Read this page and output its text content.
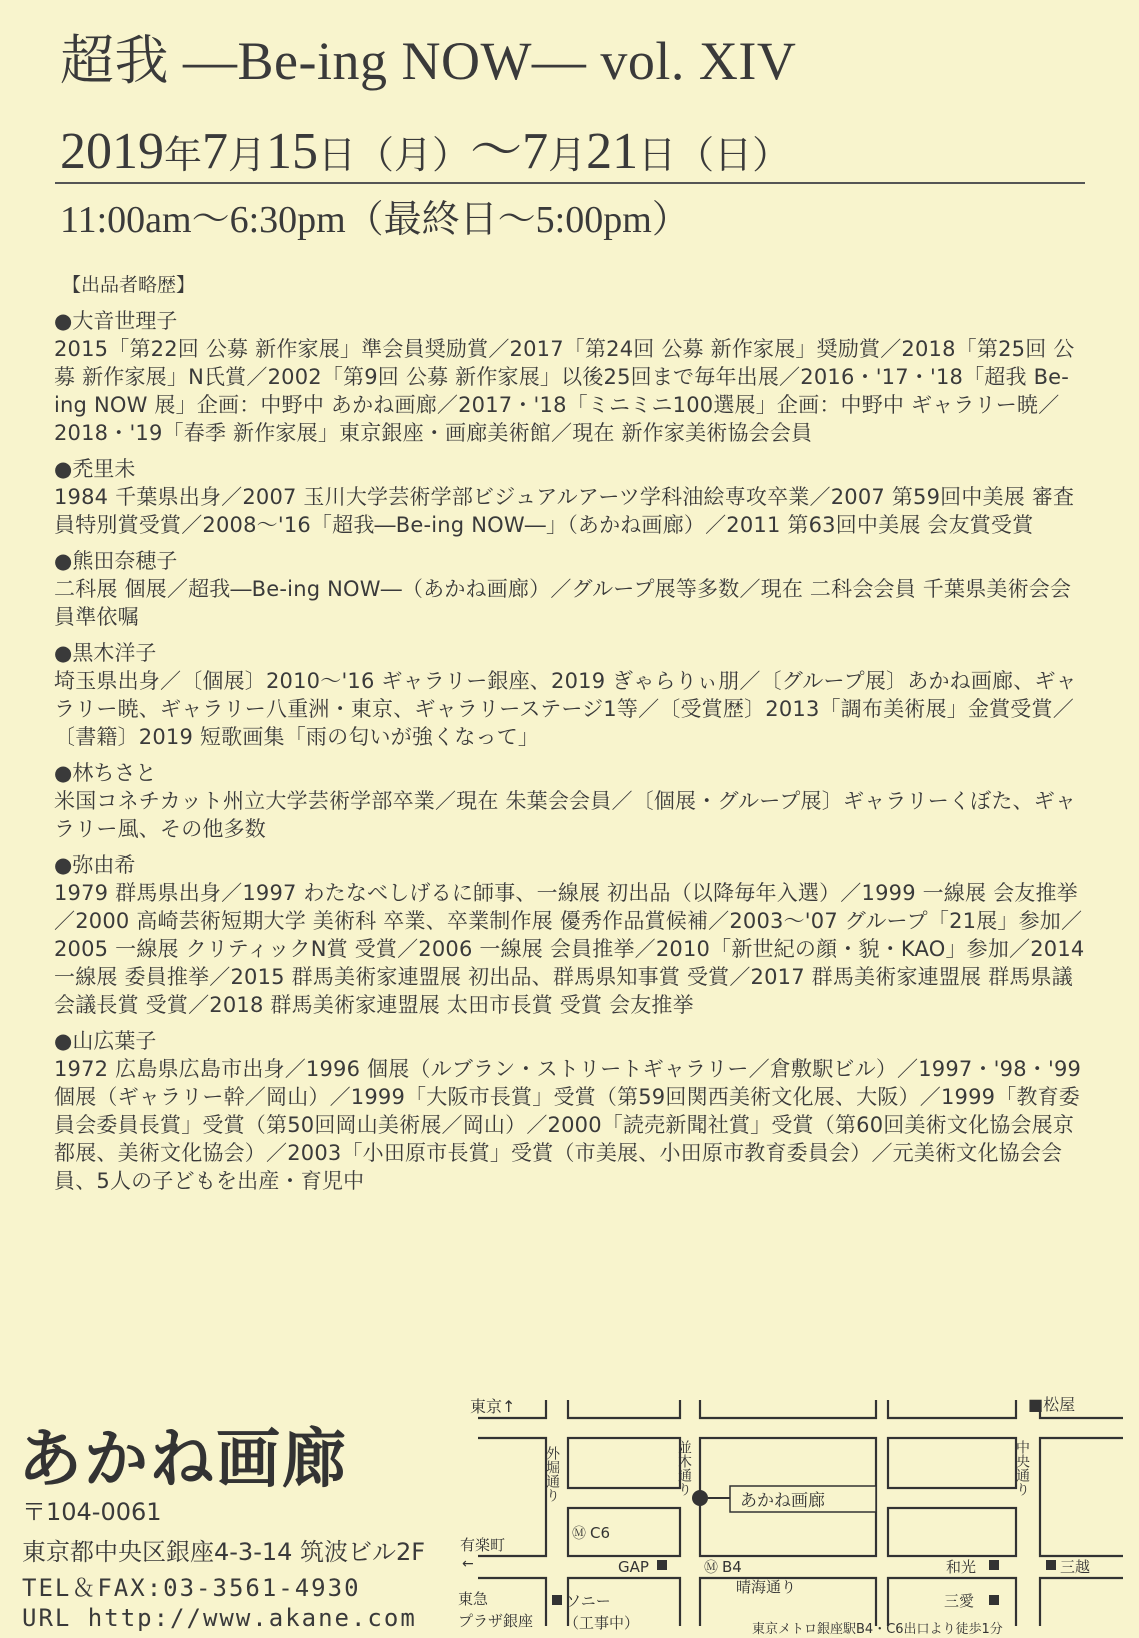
超我 ―Be-ing NOW― vol. XIV
2019年7月15日（月）～7月21日（日）
11:00am～6:30pm（最終日～5:00pm）
【出品者略歴】
●大音世理子
2015「第22回 公募 新作家展」準会員奨励賞／2017「第24回 公募 新作家展」奨励賞／2018「第25回 公募 新作家展」N氏賞／2002「第9回 公募 新作家展」以後25回まで毎年出展／2016・'17・'18「超我 Be-ing NOW 展」企画：中野中 あかね画廊／2017・'18「ミニミニ100選展」企画：中野中 ギャラリー暁／2018・'19「春季 新作家展」東京銀座・画廊美術館／現在 新作家美術協会会員
●禿里未
1984 千葉県出身／2007 玉川大学芸術学部ビジュアルアーツ学科油絵専攻卒業／2007 第59回中美展 審査員特別賞受賞／2008～'16「超我―Be-ing NOW―」（あかね画廊）／2011 第63回中美展 会友賞受賞
●熊田奈穂子
二科展 個展／超我―Be-ing NOW―（あかね画廊）／グループ展等多数／現在 二科会会員 千葉県美術会会員準依嘱
●黒木洋子
埼玉県出身／〔個展〕2010～'16 ギャラリー銀座、2019 ぎゃらりぃ朋／〔グループ展〕あかね画廊、ギャラリー暁、ギャラリー八重洲・東京、ギャラリーステージ1等／〔受賞歴〕2013「調布美術展」金賞受賞／〔書籍〕2019 短歌画集「雨の匂いが強くなって」
●林ちさと
米国コネチカット州立大学芸術学部卒業／現在 朱葉会会員／〔個展・グループ展〕ギャラリーくぼた、ギャラリー風、その他多数
●弥由希
1979 群馬県出身／1997 わたなべしげるに師事、一線展 初出品（以降毎年入選）／1999 一線展 会友推挙／2000 高崎芸術短期大学 美術科 卒業、卒業制作展 優秀作品賞候補／2003～'07 グループ「21展」参加／2005 一線展 クリティックN賞 受賞／2006 一線展 会員推挙／2010「新世紀の顔・貌・KAO」参加／2014 一線展 委員推挙／2015 群馬美術家連盟展 初出品、群馬県知事賞 受賞／2017 群馬美術家連盟展 群馬県議会議長賞 受賞／2018 群馬美術家連盟展 太田市長賞 受賞 会友推挙
●山広葉子
1972 広島県広島市出身／1996 個展（ルブラン・ストリートギャラリー／倉敷駅ビル）／1997・'98・'99 個展（ギャラリー幹／岡山）／1999「大阪市長賞」受賞（第59回関西美術文化展、大阪）／1999「教育委員会委員長賞」受賞（第50回岡山美術展／岡山）／2000「読売新聞社賞」受賞（第60回美術文化協会展京都展、美術文化協会）／2003「小田原市長賞」受賞（市美展、小田原市教育委員会）／元美術文化協会会員、5人の子どもを出産・育児中
あかね画廊
〒104-0061
東京都中央区銀座4-3-14 筑波ビル2F
TEL＆FAX:03-3561-4930
URL http://www.akane.com
東京↑	■松屋
外堀通り	並木通り	中央通り
あかね画廊
有楽町
←
Ⓜ C6
GAP	Ⓜ B4	和光	三越
晴海通り
東急
プラザ銀座
ソニー
（工事中）
三愛
東京メトロ銀座駅B4・C6出口より徒歩1分
